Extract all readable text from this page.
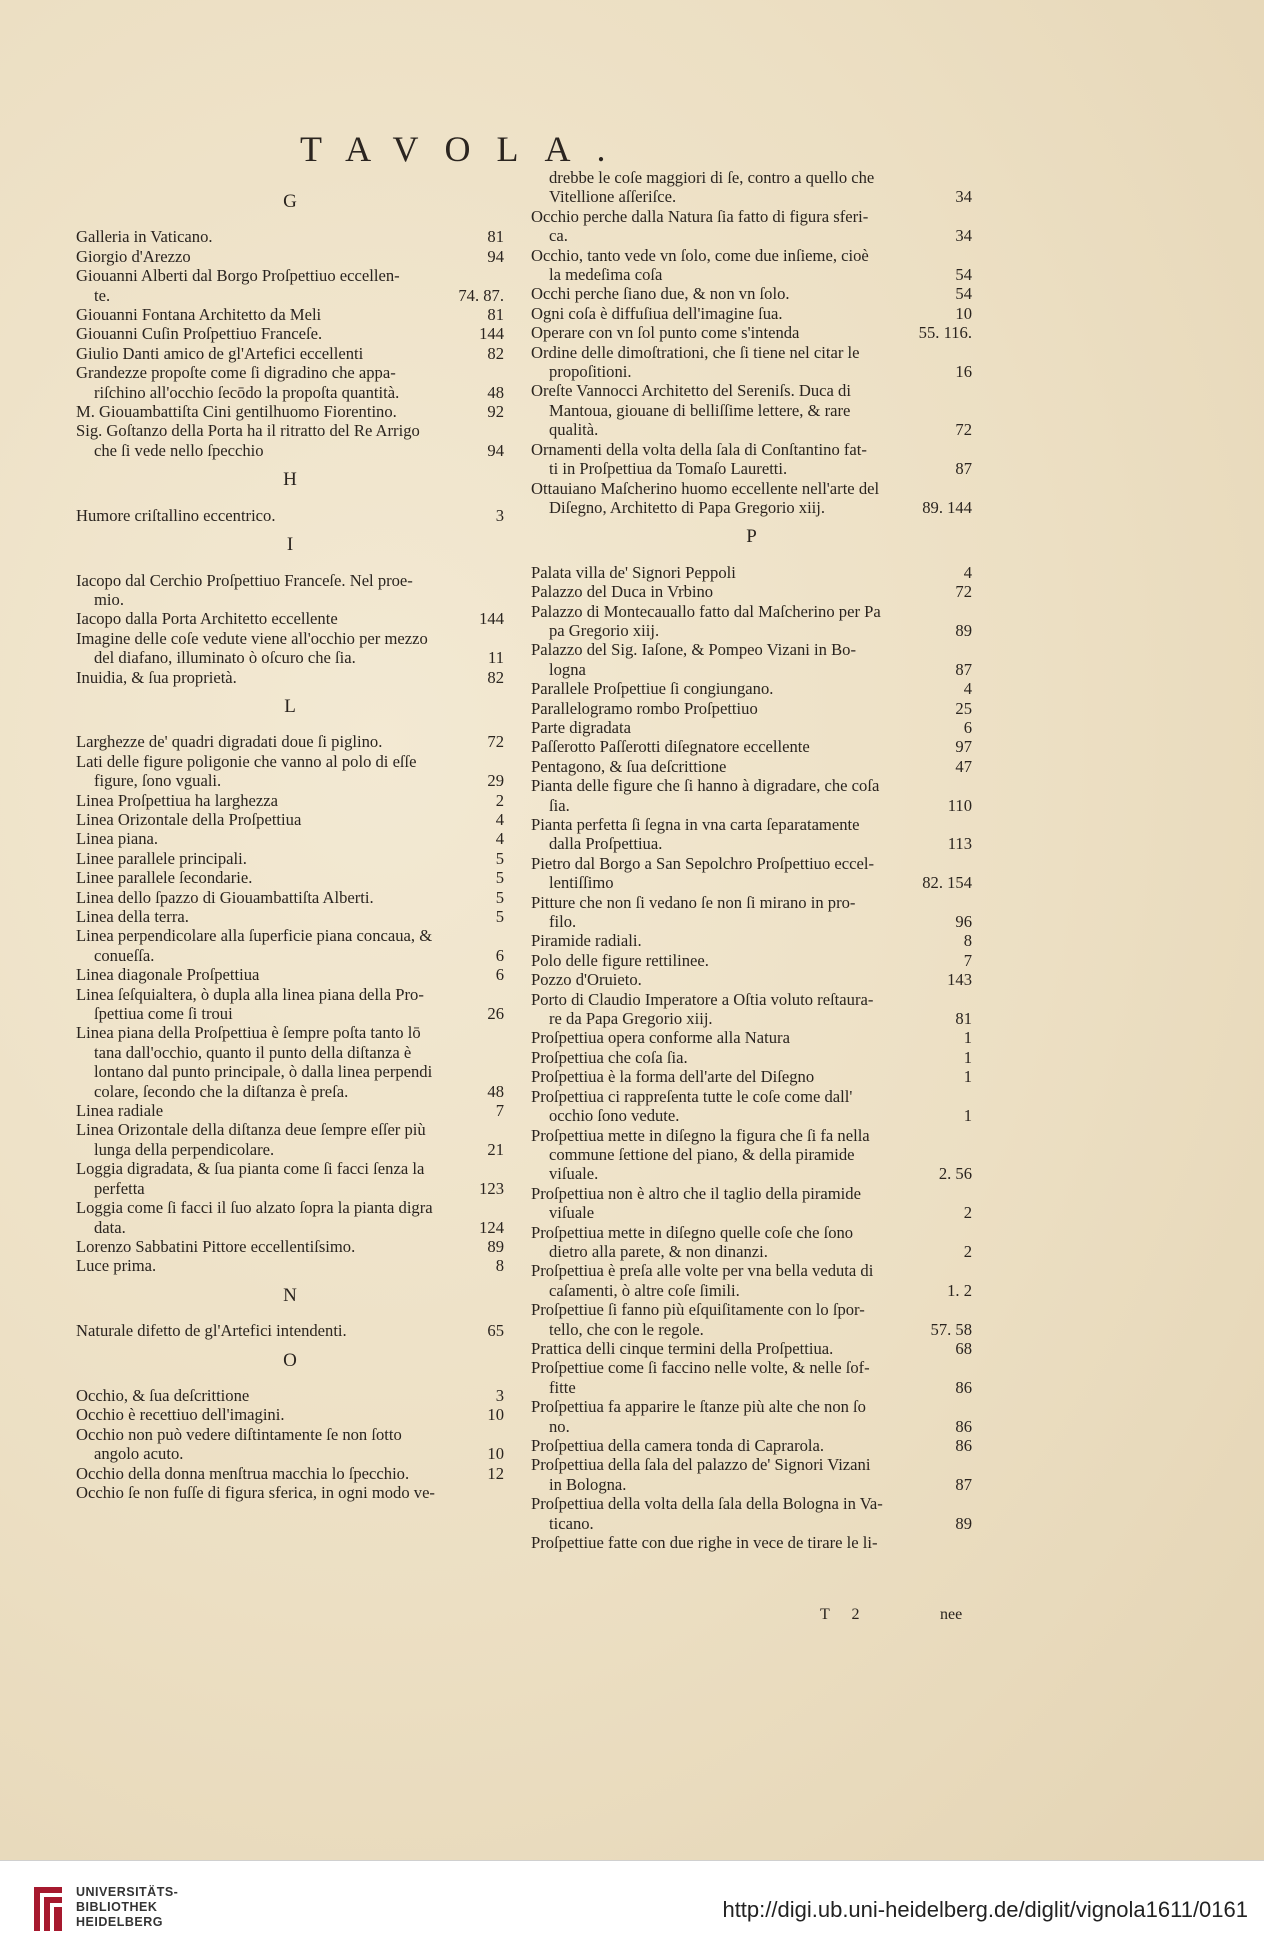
TAVOLA.
G
Galleria in Vaticano.	81
Giorgio d'Arezzo	94
Giouanni Alberti dal Borgo Proſpettiuo eccellen-
te.	74. 87.
Giouanni Fontana Architetto da Meli	81
Giouanni Cuſin Proſpettiuo Franceſe.	144
Giulio Danti amico de gl'Artefici eccellenti	82
Grandezze propoſte come ſi digradino che appa-
riſchino all'occhio ſecōdo la propoſta quantità.	48
M. Giouambattiſta Cini gentilhuomo Fiorentino.	92
Sig. Goſtanzo della Porta ha il ritratto del Re Arrigo
che ſi vede nello ſpecchio	94
H
Humore criſtallino eccentrico.	3
I
Iacopo dal Cerchio Proſpettiuo Franceſe. Nel proe-
mio.
Iacopo dalla Porta Architetto eccellente	144
Imagine delle coſe vedute viene all'occhio per mezzo
del diafano, illuminato ò oſcuro che ſia.	11
Inuidia, & ſua proprietà.	82
L
Larghezze de' quadri digradati doue ſi piglino.	72
Lati delle figure poligonie che vanno al polo di eſſe
figure, ſono vguali.	29
Linea Proſpettiua ha larghezza	2
Linea Orizontale della Proſpettiua	4
Linea piana.	4
Linee parallele principali.	5
Linee parallele ſecondarie.	5
Linea dello ſpazzo di Giouambattiſta Alberti.	5
Linea della terra.	5
Linea perpendicolare alla ſuperficie piana concaua, &
conueſſa.	6
Linea diagonale Proſpettiua	6
Linea ſeſquialtera, ò dupla alla linea piana della Pro-
ſpettiua come ſi troui	26
Linea piana della Proſpettiua è ſempre poſta tanto lō
tana dall'occhio, quanto il punto della diſtanza è
lontano dal punto principale, ò dalla linea perpendi
colare, ſecondo che la diſtanza è preſa.	48
Linea radiale	7
Linea Orizontale della diſtanza deue ſempre eſſer più
lunga della perpendicolare.	21
Loggia digradata, & ſua pianta come ſi facci ſenza la
perfetta	123
Loggia come ſi facci il ſuo alzato ſopra la pianta digra
data.	124
Lorenzo Sabbatini Pittore eccellentiſsimo.	89
Luce prima.	8
N
Naturale difetto de gl'Artefici intendenti.	65
O
Occhio, & ſua deſcrittione	3
Occhio è recettiuo dell'imagini.	10
Occhio non può vedere diſtintamente ſe non ſotto
angolo acuto.	10
Occhio della donna menſtrua macchia lo ſpecchio.	12
Occhio ſe non fuſſe di figura sferica, in ogni modo ve-
drebbe le coſe maggiori di ſe, contro a quello che
Vitellione aſſeriſce.	34
Occhio perche dalla Natura ſia fatto di figura sferi-
ca.	34
Occhio, tanto vede vn ſolo, come due inſieme, cioè
la medeſima coſa	54
Occhi perche ſiano due, & non vn ſolo.	54
Ogni coſa è diffuſiua dell'imagine ſua.	10
Operare con vn ſol punto come s'intenda	55. 116.
Ordine delle dimoſtrationi, che ſi tiene nel citar le
propoſitioni.	16
Oreſte Vannocci Architetto del Sereniſs. Duca di
Mantoua, giouane di belliſſime lettere, & rare
qualità.	72
Ornamenti della volta della ſala di Conſtantino fat-
ti in Proſpettiua da Tomaſo Lauretti.	87
Ottauiano Maſcherino huomo eccellente nell'arte del
Diſegno, Architetto di Papa Gregorio xiij.	89. 144
P
Palata villa de' Signori Peppoli	4
Palazzo del Duca in Vrbino	72
Palazzo di Montecauallo fatto dal Maſcherino per Pa
pa Gregorio xiij.	89
Palazzo del Sig. Iaſone, & Pompeo Vizani in Bo-
logna	87
Parallele Proſpettiue ſi congiungano.	4
Parallelogramo rombo Proſpettiuo	25
Parte digradata	6
Paſſerotto Paſſerotti diſegnatore eccellente	97
Pentagono, & ſua deſcrittione	47
Pianta delle figure che ſi hanno à digradare, che coſa
ſia.	110
Pianta perfetta ſi ſegna in vna carta ſeparatamente
dalla Proſpettiua.	113
Pietro dal Borgo a San Sepolchro Proſpettiuo eccel-
lentiſſimo	82. 154
Pitture che non ſi vedano ſe non ſi mirano in pro-
filo.	96
Piramide radiali.	8
Polo delle figure rettilinee.	7
Pozzo d'Oruieto.	143
Porto di Claudio Imperatore a Oſtia voluto reſtaura-
re da Papa Gregorio xiij.	81
Proſpettiua opera conforme alla Natura	1
Proſpettiua che coſa ſia.	1
Proſpettiua è la forma dell'arte del Diſegno	1
Proſpettiua ci rappreſenta tutte le coſe come dall'
occhio ſono vedute.	1
Proſpettiua mette in diſegno la figura che ſi fa nella
commune ſettione del piano, & della piramide
viſuale.	2. 56
Proſpettiua non è altro che il taglio della piramide
viſuale	2
Proſpettiua mette in diſegno quelle coſe che ſono
dietro alla parete, & non dinanzi.	2
Proſpettiua è preſa alle volte per vna bella veduta di
caſamenti, ò altre coſe ſimili.	1. 2
Proſpettiue ſi fanno più eſquiſitamente con lo ſpor-
tello, che con le regole.	57. 58
Prattica delli cinque termini della Proſpettiua.	68
Proſpettiue come ſi faccino nelle volte, & nelle ſof-
fitte	86
Proſpettiua fa apparire le ſtanze più alte che non ſo
no.	86
Proſpettiua della camera tonda di Caprarola.	86
Proſpettiua della ſala del palazzo de' Signori Vizani
in Bologna.	87
Proſpettiua della volta della ſala della Bologna in Va-
ticano.	89
Proſpettiue fatte con due righe in vece de tirare le li-
T 2	nee
UNIVERSITÄTS-
BIBLIOTHEK
HEIDELBERG	http://digi.ub.uni-heidelberg.de/diglit/vignola1611/0161
